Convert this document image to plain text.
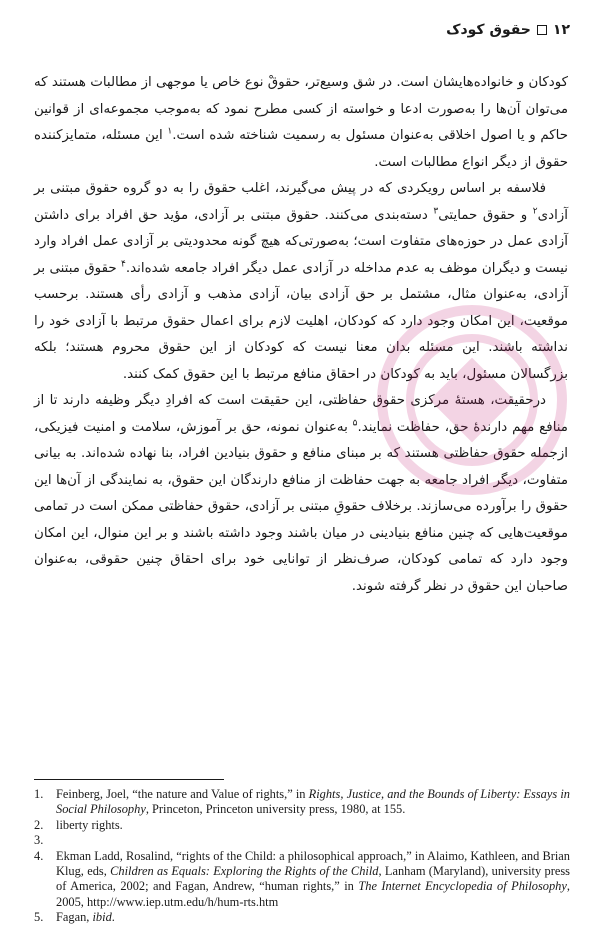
۱۲
حقوق کودک

کودکان و خانواده‌هایشان است. در شق وسیع‌تر، حقوقْ نوع خاص یا موجهی از مطالبات هستند که می‌توان آن‌ها را به‌صورت ادعا و خواسته از کسی مطرح نمود که به‌موجب مجموعه‌ای از قوانین حاکم و یا اصول اخلاقی به‌عنوان مسئول به رسمیت شناخته شده است.$^۱$ این مسئله، متمایزکننده حقوق از دیگر انواع مطالبات است.

فلاسفه بر اساس رویکردی که در پیش می‌گیرند، اغلب حقوق را به دو گروه حقوق مبتنی بر آزادی$^۲$ و حقوق حمایتی$^۳$ دسته‌بندی می‌کنند. حقوق مبتنی بر آزادی، مؤید حق افراد برای داشتن آزادی عمل در حوزه‌های متفاوت است؛ به‌صورتی‌که هیچ گونه محدودیتی بر آزادی عمل افراد وارد نیست و دیگران موظف به عدم مداخله در آزادی عمل دیگر افراد جامعه شده‌اند.$^۴$ حقوق مبتنی بر آزادی، به‌عنوان مثال، مشتمل بر حق آزادی بیان، آزادی مذهب و آزادی رأی هستند. برحسب موقعیت، این امکان وجود دارد که کودکان، اهلیت لازم برای اعمال حقوق مرتبط با آزادی خود را نداشته باشند. این مسئله بدان معنا نیست که کودکان از این حقوق محروم هستند؛ بلکه بزرگسالان مسئول، باید به کودکان در احقاق منافع مرتبط با این حقوق کمک کنند.

درحقیقت، هستهٔ مرکزی حقوق حفاظتی، این حقیقت است که افرادِ دیگر وظیفه دارند تا از منافع مهم دارندهٔ حق، حفاظت نمایند.$^۵$ به‌عنوان نمونه، حق بر آموزش، سلامت و امنیت فیزیکی، ازجمله حقوق حفاظتی هستند که بر مبنای منافع و حقوق بنیادین افراد، بنا نهاده شده‌اند. به بیانی متفاوت، دیگر افراد جامعه به جهت حفاظت از منافع دارندگان این حقوق، به نمایندگی از آن‌ها این حقوق را برآورده می‌سازند. برخلاف حقوقِ مبتنی بر آزادی، حقوق حفاظتی ممکن است در تمامی موقعیت‌هایی که چنین منافع بنیادینی در میان باشند وجود داشته باشند و بر این منوال، این امکان وجود دارد که تمامی کودکان، صرف‌نظر از توانایی خود برای احقاق چنین حقوقی، به‌عنوان صاحبان این حقوق در نظر گرفته شوند.

1.	Feinberg, Joel, “the nature and Value of rights,” in Rights, Justice, and the Bounds of Liberty: Essays in Social Philosophy, Princeton, Princeton university press, 1980, at 155.
2.	liberty rights.
3.
4.	Ekman Ladd, Rosalind, “rights of the Child: a philosophical approach,” in Alaimo, Kathleen, and Brian Klug, eds, Children as Equals: Exploring the Rights of the Child, Lanham (Maryland), university press of America, 2002; and Fagan, Andrew, “human rights,” in The Internet Encyclopedia of Philosophy, 2005, http://www.iep.utm.edu/h/hum-rts.htm
5.	Fagan, ibid.
